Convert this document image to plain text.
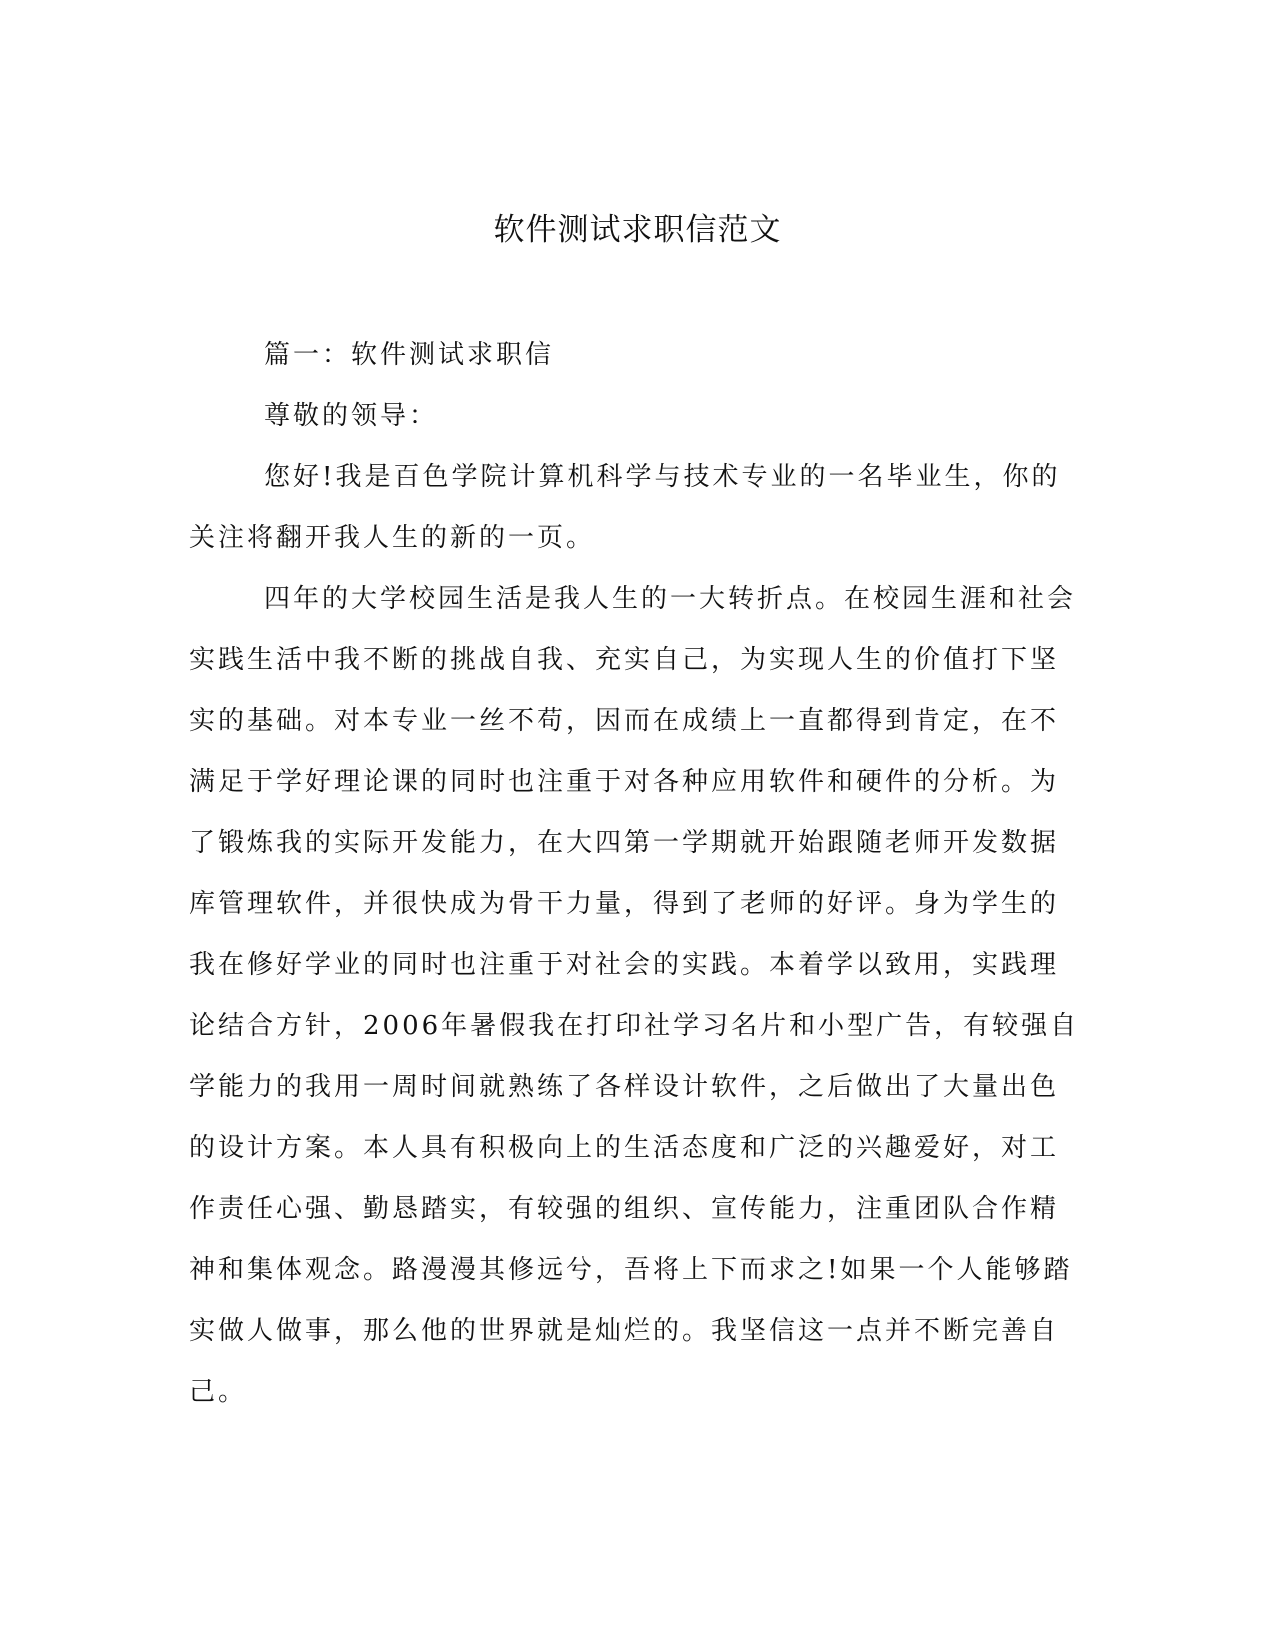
软件测试求职信范文

篇一：软件测试求职信

尊敬的领导：

您好!我是百色学院计算机科学与技术专业的一名毕业生，你的

关注将翻开我人生的新的一页。

四年的大学校园生活是我人生的一大转折点。在校园生涯和社会

实践生活中我不断的挑战自我、充实自己，为实现人生的价值打下坚

实的基础。对本专业一丝不苟，因而在成绩上一直都得到肯定，在不

满足于学好理论课的同时也注重于对各种应用软件和硬件的分析。为

了锻炼我的实际开发能力，在大四第一学期就开始跟随老师开发数据

库管理软件，并很快成为骨干力量，得到了老师的好评。身为学生的

我在修好学业的同时也注重于对社会的实践。本着学以致用，实践理

论结合方针，2006年暑假我在打印社学习名片和小型广告，有较强自

学能力的我用一周时间就熟练了各样设计软件，之后做出了大量出色

的设计方案。本人具有积极向上的生活态度和广泛的兴趣爱好，对工

作责任心强、勤恳踏实，有较强的组织、宣传能力，注重团队合作精

神和集体观念。路漫漫其修远兮，吾将上下而求之!如果一个人能够踏

实做人做事，那么他的世界就是灿烂的。我坚信这一点并不断完善自

己。
